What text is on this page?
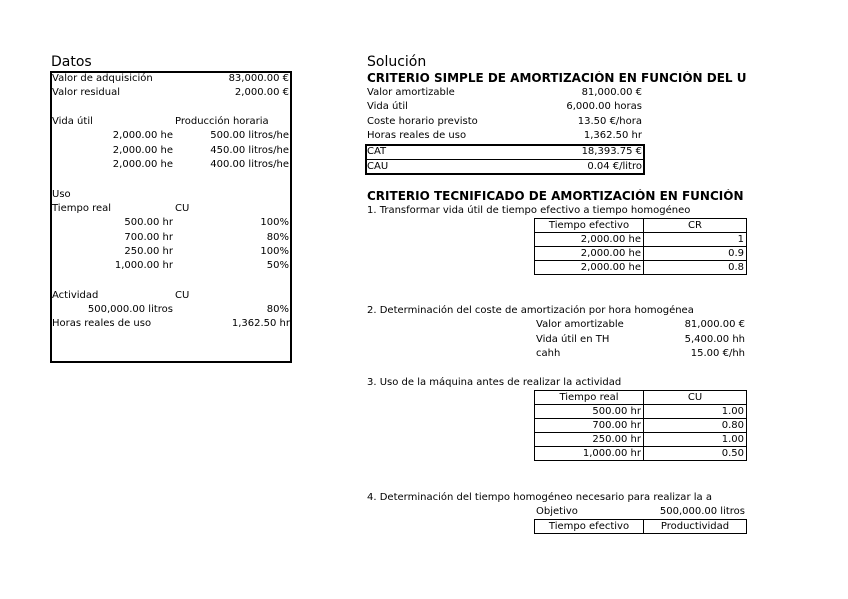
Datos
Valor de adquisición	83,000.00 €
Valor residual	2,000.00 €
Vida útil	Producción horaria
2,000.00 he	500.00 litros/he
2,000.00 he	450.00 litros/he
2,000.00 he	400.00 litros/he
Uso
Tiempo real	CU
500.00 hr	100%
700.00 hr	80%
250.00 hr	100%
1,000.00 hr	50%
Actividad	CU
500,000.00 litros	80%
Horas reales de uso	1,362.50 hr
Solución
CRITERIO SIMPLE DE AMORTIZACIÓN EN FUNCIÓN DEL U
Valor amortizable	81,000.00 €
Vida útil	6,000.00 horas
Coste horario previsto	13.50 €/hora
Horas reales de uso	1,362.50 hr
CAT	18,393.75 €
CAU	0.04 €/litro
CRITERIO TECNIFICADO DE AMORTIZACIÓN EN FUNCIÓN
1. Transformar vida útil de tiempo efectivo a tiempo homogéneo
Tiempo efectivo	CR
2,000.00 he	1
2,000.00 he	0.9
2,000.00 he	0.8
2. Determinación del coste de amortización por hora homogénea
Valor amortizable	81,000.00 €
Vida útil en TH	5,400.00 hh
cahh	15.00 €/hh
3. Uso de la máquina antes de realizar la actividad
Tiempo real	CU
500.00 hr	1.00
700.00 hr	0.80
250.00 hr	1.00
1,000.00 hr	0.50
4. Determinación del tiempo homogéneo necesario para realizar la a
Objetivo	500,000.00 litros
Tiempo efectivo	Productividad
